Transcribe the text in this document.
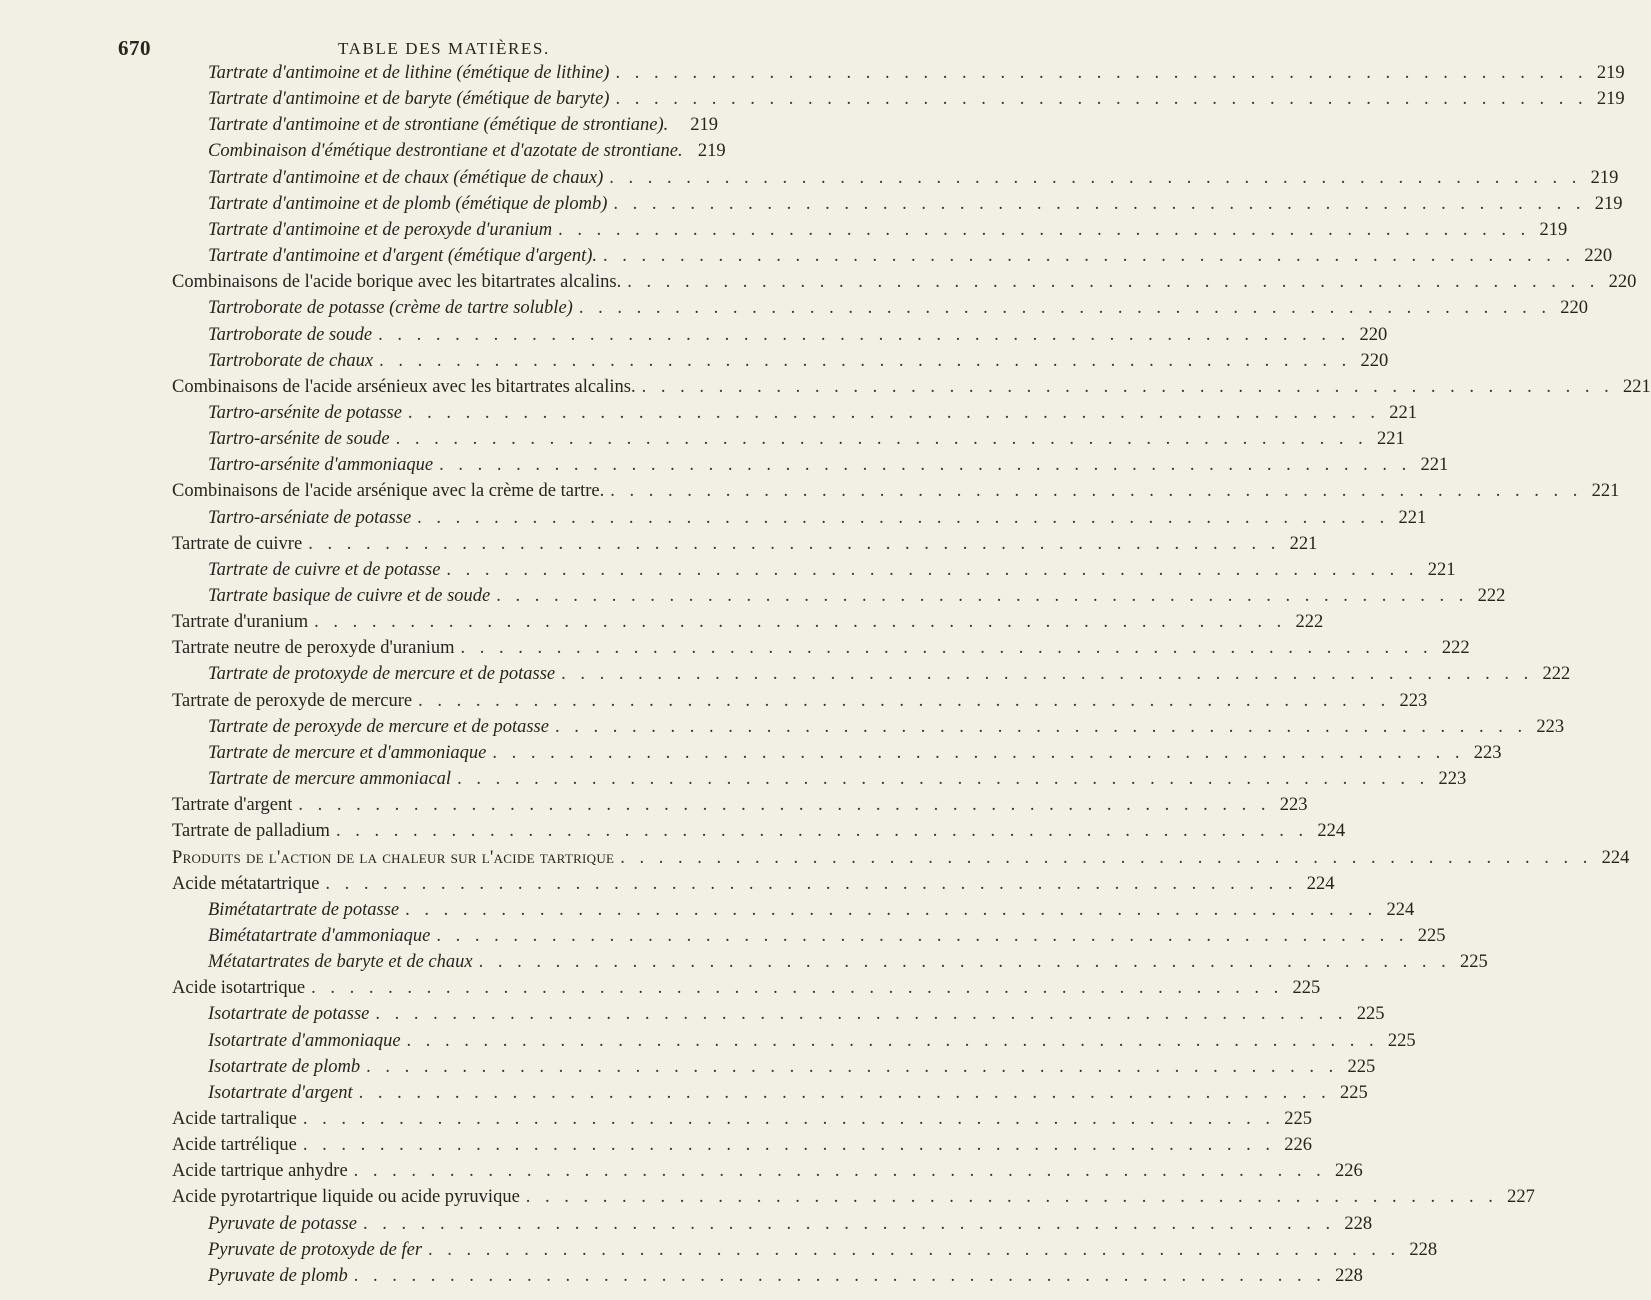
670	TABLE DES MATIÈRES.
Tartrate d'antimoine et de lithine (émétique de lithine) . . . . . . . . . . . . . . . . . . . . . . . . . . . . . . . . . . . . . . . . . . . . . . . . . . . 219
Tartrate d'antimoine et de baryte (émétique de baryte) . . . . . . . . . . . . . . . . . . . . . . . . . . . . . . . . . . . . . . . . . . . . . . . . . . . 219
Tartrate d'antimoine et de strontiane (émétique de strontiane).	219
Combinaison d'émétique destrontiane et d'azotate de strontiane. 219
Tartrate d'antimoine et de chaux (émétique de chaux) . . . . . . . . . . . . . . . . . . . . . . . . . . . . . . . . . . . . . . . . . . . . . . . . . . . 219
Tartrate d'antimoine et de plomb (émétique de plomb) . . . . . . . . . . . . . . . . . . . . . . . . . . . . . . . . . . . . . . . . . . . . . . . . . . . 219
Tartrate d'antimoine et de peroxyde d'uranium . . . . . . . . . . . . . . . . . . . . . . . . . . . . . . . . . . . . . . . . . . . . . . . . . . . 219
Tartrate d'antimoine et d'argent (émétique d'argent). . . . . . . . . . . . . . . . . . . . . . . . . . . . . . . . . . . . . . . . . . . . . . . . . . . . 220
Combinaisons de l'acide borique avec les bitartrates alcalins. . . . . . . . . . . . . . . . . . . . . . . . . . . . . . . . . . . . . . . . . . . . . . . . . . . . 220
Tartroborate de potasse (crème de tartre soluble) . . . . . . . . . . . . . . . . . . . . . . . . . . . . . . . . . . . . . . . . . . . . . . . . . . . 220
Tartroborate de soude . . . . . . . . . . . . . . . . . . . . . . . . . . . . . . . . . . . . . . . . . . . . . . . . . . . 220
Tartroborate de chaux . . . . . . . . . . . . . . . . . . . . . . . . . . . . . . . . . . . . . . . . . . . . . . . . . . . 220
Combinaisons de l'acide arsénieux avec les bitartrates alcalins. . . . . . . . . . . . . . . . . . . . . . . . . . . . . . . . . . . . . . . . . . . . . . . . . . . . 221
Tartro-arsénite de potasse . . . . . . . . . . . . . . . . . . . . . . . . . . . . . . . . . . . . . . . . . . . . . . . . . . . 221
Tartro-arsénite de soude . . . . . . . . . . . . . . . . . . . . . . . . . . . . . . . . . . . . . . . . . . . . . . . . . . . 221
Tartro-arsénite d'ammoniaque . . . . . . . . . . . . . . . . . . . . . . . . . . . . . . . . . . . . . . . . . . . . . . . . . . . 221
Combinaisons de l'acide arsénique avec la crème de tartre. . . . . . . . . . . . . . . . . . . . . . . . . . . . . . . . . . . . . . . . . . . . . . . . . . . . 221
Tartro-arséniate de potasse . . . . . . . . . . . . . . . . . . . . . . . . . . . . . . . . . . . . . . . . . . . . . . . . . . . 221
Tartrate de cuivre . . . . . . . . . . . . . . . . . . . . . . . . . . . . . . . . . . . . . . . . . . . . . . . . . . . 221
Tartrate de cuivre et de potasse . . . . . . . . . . . . . . . . . . . . . . . . . . . . . . . . . . . . . . . . . . . . . . . . . . . 221
Tartrate basique de cuivre et de soude . . . . . . . . . . . . . . . . . . . . . . . . . . . . . . . . . . . . . . . . . . . . . . . . . . . 222
Tartrate d'uranium . . . . . . . . . . . . . . . . . . . . . . . . . . . . . . . . . . . . . . . . . . . . . . . . . . . 222
Tartrate neutre de peroxyde d'uranium . . . . . . . . . . . . . . . . . . . . . . . . . . . . . . . . . . . . . . . . . . . . . . . . . . . 222
Tartrate de protoxyde de mercure et de potasse . . . . . . . . . . . . . . . . . . . . . . . . . . . . . . . . . . . . . . . . . . . . . . . . . . . 222
Tartrate de peroxyde de mercure . . . . . . . . . . . . . . . . . . . . . . . . . . . . . . . . . . . . . . . . . . . . . . . . . . . 223
Tartrate de peroxyde de mercure et de potasse . . . . . . . . . . . . . . . . . . . . . . . . . . . . . . . . . . . . . . . . . . . . . . . . . . . 223
Tartrate de mercure et d'ammoniaque . . . . . . . . . . . . . . . . . . . . . . . . . . . . . . . . . . . . . . . . . . . . . . . . . . . 223
Tartrate de mercure ammoniacal . . . . . . . . . . . . . . . . . . . . . . . . . . . . . . . . . . . . . . . . . . . . . . . . . . . 223
Tartrate d'argent . . . . . . . . . . . . . . . . . . . . . . . . . . . . . . . . . . . . . . . . . . . . . . . . . . . 223
Tartrate de palladium . . . . . . . . . . . . . . . . . . . . . . . . . . . . . . . . . . . . . . . . . . . . . . . . . . . 224
Produits de l'action de la chaleur sur l'acide tartrique . . . . . . . . . . . . . . . . . . . . . . . . . . . . . . . . . . . . . . . . . . . . . . . . . . . 224
Acide métatartrique . . . . . . . . . . . . . . . . . . . . . . . . . . . . . . . . . . . . . . . . . . . . . . . . . . . 224
Bimétatartrate de potasse . . . . . . . . . . . . . . . . . . . . . . . . . . . . . . . . . . . . . . . . . . . . . . . . . . . 224
Bimétatartrate d'ammoniaque . . . . . . . . . . . . . . . . . . . . . . . . . . . . . . . . . . . . . . . . . . . . . . . . . . . 225
Métatartrates de baryte et de chaux . . . . . . . . . . . . . . . . . . . . . . . . . . . . . . . . . . . . . . . . . . . . . . . . . . . 225
Acide isotartrique . . . . . . . . . . . . . . . . . . . . . . . . . . . . . . . . . . . . . . . . . . . . . . . . . . . 225
Isotartrate de potasse . . . . . . . . . . . . . . . . . . . . . . . . . . . . . . . . . . . . . . . . . . . . . . . . . . . 225
Isotartrate d'ammoniaque . . . . . . . . . . . . . . . . . . . . . . . . . . . . . . . . . . . . . . . . . . . . . . . . . . . 225
Isotartrate de plomb . . . . . . . . . . . . . . . . . . . . . . . . . . . . . . . . . . . . . . . . . . . . . . . . . . . 225
Isotartrate d'argent . . . . . . . . . . . . . . . . . . . . . . . . . . . . . . . . . . . . . . . . . . . . . . . . . . . 225
Acide tartralique . . . . . . . . . . . . . . . . . . . . . . . . . . . . . . . . . . . . . . . . . . . . . . . . . . . 225
Acide tartrélique . . . . . . . . . . . . . . . . . . . . . . . . . . . . . . . . . . . . . . . . . . . . . . . . . . . 226
Acide tartrique anhydre . . . . . . . . . . . . . . . . . . . . . . . . . . . . . . . . . . . . . . . . . . . . . . . . . . . 226
Acide pyrotartrique liquide ou acide pyruvique . . . . . . . . . . . . . . . . . . . . . . . . . . . . . . . . . . . . . . . . . . . . . . . . . . . 227
Pyruvate de potasse . . . . . . . . . . . . . . . . . . . . . . . . . . . . . . . . . . . . . . . . . . . . . . . . . . . 228
Pyruvate de protoxyde de fer . . . . . . . . . . . . . . . . . . . . . . . . . . . . . . . . . . . . . . . . . . . . . . . . . . . 228
Pyruvate de plomb . . . . . . . . . . . . . . . . . . . . . . . . . . . . . . . . . . . . . . . . . . . . . . . . . . . 228
